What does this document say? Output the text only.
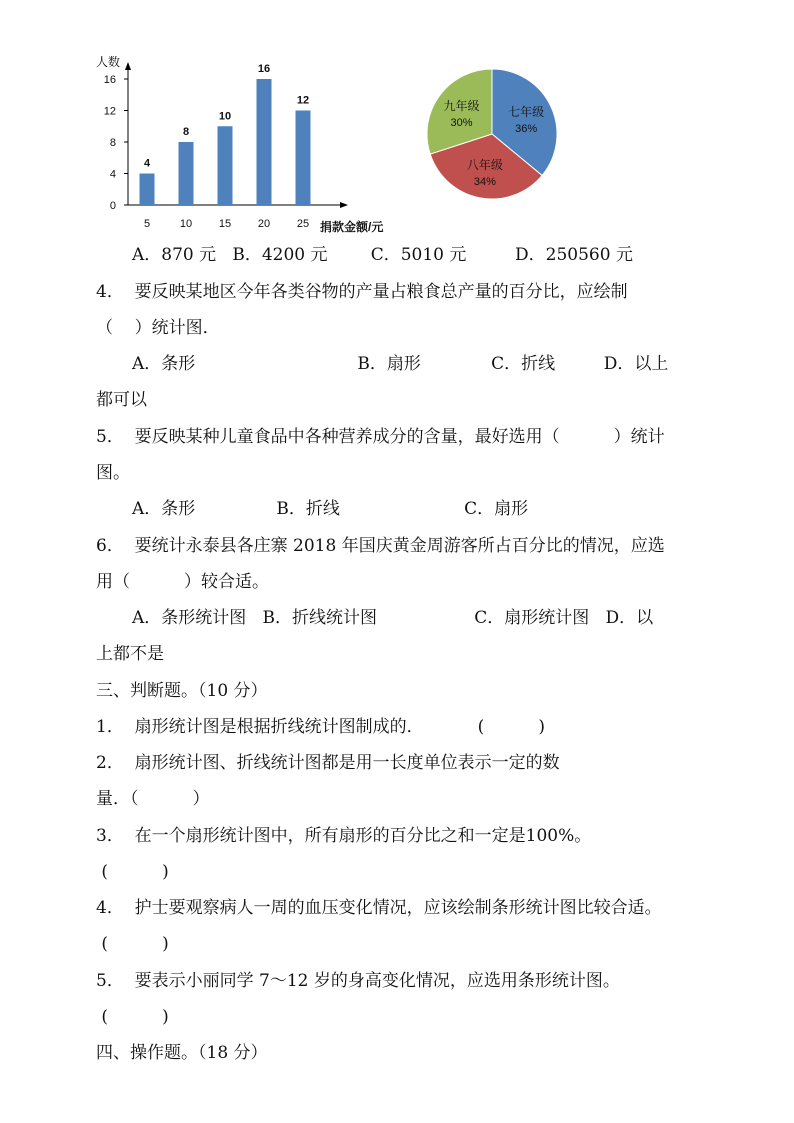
人数
0
4
8
12
16
5	10 15 20 25
4
8
10
16
12
捐款金额/元
七年级
36%
八年级
34%
九年级
30%
A．870 元   B．4200 元        C．5010 元         D．250560 元
4．  要反映某地区今年各类谷物的产量占粮食总产量的百分比，应绘制
（    ）统计图．
A．条形                              B．扇形             C．折线         D．以上
都可以
5．  要反映某种儿童食品中各种营养成分的含量，最好选用（          ）统计
图。
A．条形               B．折线                       C．扇形
6．  要统计永泰县各庄寨 2018 年国庆黄金周游客所占百分比的情况，应选
用（          ）较合适。
A．条形统计图   B．折线统计图                  C．扇形统计图   D．以
上都不是
三、判断题。（10 分）
1．  扇形统计图是根据折线统计图制成的．          (          )
2．  扇形统计图、折线统计图都是用一长度单位表示一定的数
量．（          ）
3．  在一个扇形统计图中，所有扇形的百分比之和一定是100%。
(          )
4．  护士要观察病人一周的血压变化情况，应该绘制条形统计图比较合适。
(          )
5．  要表示小丽同学 7～12 岁的身高变化情况，应选用条形统计图。
(          )
四、操作题。（18 分）
